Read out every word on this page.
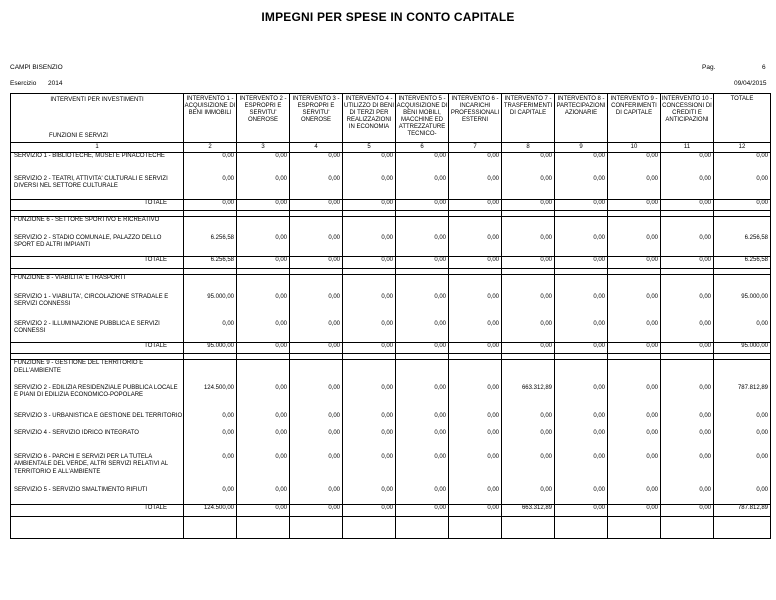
IMPEGNI PER SPESE IN CONTO CAPITALE
CAMPI BISENZIO	Pag.	6
Esercizio 2014	09/04/2015
INTERVENTI PER INVESTIMENTI
FUNZIONI E SERVIZI	INTERVENTO 1 - ACQUISIZIONE DI BENI IMMOBILI	INTERVENTO 2 - ESPROPRI E SERVITU' ONEROSE	INTERVENTO 3 - ESPROPRI E SERVITU' ONEROSE	INTERVENTO 4 - UTILIZZO DI BENI DI TERZI PER REALIZZAZIONI IN ECONOMIA	INTERVENTO 5 - ACQUISIZIONE DI BENI MOBILI, MACCHINE ED ATTREZZATURE TECNICO-	INTERVENTO 6 - INCARICHI PROFESSIONALI ESTERNI	INTERVENTO 7 - TRASFERIMENTI DI CAPITALE	INTERVENTO 8 - PARTECIPAZIONI AZIONARIE	INTERVENTO 9 - CONFERIMENTI DI CAPITALE	INTERVENTO 10 - CONCESSIONI DI CREDITI E ANTICIPAZIONI	TOTALE
1	2	3	4	5	6	7	8	9	10	11	12
SERVIZIO 1 - BIBLIOTECHE, MUSEI E PINACOTECHE	0,00	0,00	0,00	0,00	0,00	0,00	0,00	0,00	0,00	0,00	0,00
SERVIZIO 2 - TEATRI, ATTIVITA' CULTURALI E SERVIZI DIVERSI NEL SETTORE CULTURALE	0,00	0,00	0,00	0,00	0,00	0,00	0,00	0,00	0,00	0,00	0,00
TOTALE	0,00	0,00	0,00	0,00	0,00	0,00	0,00	0,00	0,00	0,00	0,00

FUNZIONE 6 - SETTORE SPORTIVO E RICREATIVO											
SERVIZIO 2 - STADIO COMUNALE, PALAZZO DELLO SPORT ED ALTRI IMPIANTI	6.256,58	0,00	0,00	0,00	0,00	0,00	0,00	0,00	0,00	0,00	6.256,58
TOTALE	6.256,58	0,00	0,00	0,00	0,00	0,00	0,00	0,00	0,00	0,00	6.256,58

FUNZIONE 8 - VIABILITA' E TRASPORTI											
SERVIZIO 1 - VIABILITA', CIRCOLAZIONE STRADALE E SERVIZI CONNESSI	95.000,00	0,00	0,00	0,00	0,00	0,00	0,00	0,00	0,00	0,00	95.000,00
SERVIZIO 2 - ILLUMINAZIONE PUBBLICA E SERVIZI CONNESSI	0,00	0,00	0,00	0,00	0,00	0,00	0,00	0,00	0,00	0,00	0,00
TOTALE	95.000,00	0,00	0,00	0,00	0,00	0,00	0,00	0,00	0,00	0,00	95.000,00

FUNZIONE 9 - GESTIONE DEL TERRITORIO E DELL'AMBIENTE											
SERVIZIO 2 - EDILIZIA RESIDENZIALE PUBBLICA LOCALE E PIANI DI EDILIZIA ECONOMICO-POPOLARE	124.500,00	0,00	0,00	0,00	0,00	0,00	663.312,89	0,00	0,00	0,00	787.812,89
SERVIZIO 3 - URBANISTICA E GESTIONE DEL TERRITORIO	0,00	0,00	0,00	0,00	0,00	0,00	0,00	0,00	0,00	0,00	0,00
SERVIZIO 4 - SERVIZIO IDRICO INTEGRATO	0,00	0,00	0,00	0,00	0,00	0,00	0,00	0,00	0,00	0,00	0,00
SERVIZIO 6 - PARCHI E SERVIZI PER LA TUTELA AMBIENTALE DEL VERDE, ALTRI SERVIZI RELATIVI AL TERRITORIO E ALL'AMBIENTE	0,00	0,00	0,00	0,00	0,00	0,00	0,00	0,00	0,00	0,00	0,00
SERVIZIO 5 - SERVIZIO SMALTIMENTO RIFIUTI	0,00	0,00	0,00	0,00	0,00	0,00	0,00	0,00	0,00	0,00	0,00
TOTALE	124.500,00	0,00	0,00	0,00	0,00	0,00	663.312,89	0,00	0,00	0,00	787.812,89
